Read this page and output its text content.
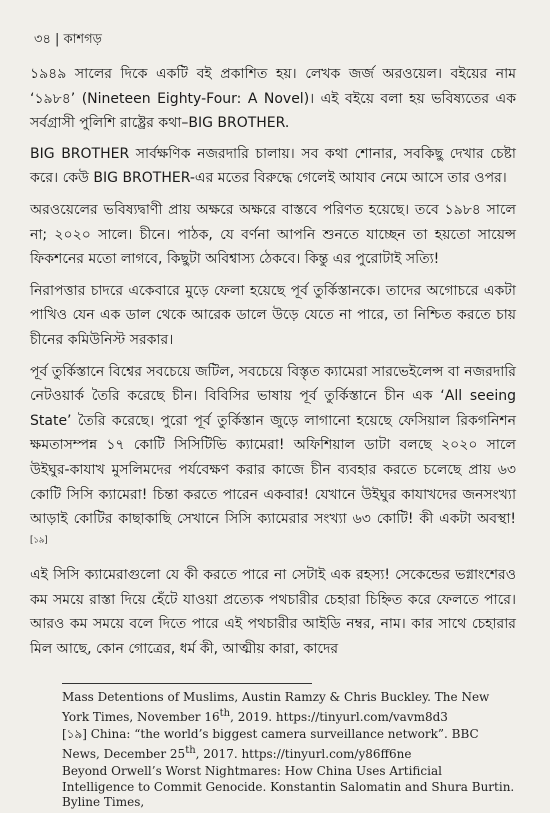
৩৪ | কাশগড়

১৯৪৯ সালের দিকে একটি বই প্রকাশিত হয়। লেখক জর্জ অরওয়েল। বইয়ের নাম ‘১৯৮৪’ (Nineteen Eighty-Four: A Novel)। এই বইয়ে বলা হয় ভবিষ্যতের এক সর্বগ্রাসী পুলিশি রাষ্ট্রের কথা–BIG BROTHER.

BIG BROTHER সার্বক্ষণিক নজরদারি চালায়। সব কথা শোনার, সবকিছু দেখার চেষ্টা করে। কেউ BIG BROTHER-এর মতের বিরুদ্ধে গেলেই আযাব নেমে আসে তার ওপর।

অরওয়েলের ভবিষ্যদ্বাণী প্রায় অক্ষরে অক্ষরে বাস্তবে পরিণত হয়েছে। তবে ১৯৮৪ সালে না; ২০২০ সালে। চীনে। পাঠক, যে বর্ণনা আপনি শুনতে যাচ্ছেন তা হয়তো সায়েন্স ফিকশনের মতো লাগবে, কিছুটা অবিশ্বাস্য ঠেকবে। কিন্তু এর পুরোটাই সত্যি!

নিরাপত্তার চাদরে একেবারে মুড়ে ফেলা হয়েছে পূর্ব তুর্কিস্তানকে। তাদের অগোচরে একটা পাখিও যেন এক ডাল থেকে আরেক ডালে উড়ে যেতে না পারে, তা নিশ্চিত করতে চায় চীনের কমিউনিস্ট সরকার।

পূর্ব তুর্কিস্তানে বিশ্বের সবচেয়ে জটিল, সবচেয়ে বিস্তৃত ক্যামেরা সারভেইলেন্স বা নজরদারি নেটওয়ার্ক তৈরি করেছে চীন। বিবিসির ভাষায় পূর্ব তুর্কিস্তানে চীন এক ‘All seeing State’ তৈরি করেছে। পুরো পূর্ব তুর্কিস্তান জুড়ে লাগানো হয়েছে ফেসিয়াল রিকগনিশন ক্ষমতাসম্পন্ন ১৭ কোটি সিসিটিভি ক্যামেরা! অফিশিয়াল ডাটা বলছে ২০২০ সালে উইঘুর-কাযাখ মুসলিমদের পর্যবেক্ষণ করার কাজে চীন ব্যবহার করতে চলেছে প্রায় ৬৩ কোটি সিসি ক্যামেরা! চিন্তা করতে পারেন একবার! যেখানে উইঘুর কাযাখদের জনসংখ্যা আড়াই কোটির কাছাকাছি সেখানে সিসি ক্যামেরার সংখ্যা ৬৩ কোটি! কী একটা অবস্থা![১৯]

এই সিসি ক্যামেরাগুলো যে কী করতে পারে না সেটাই এক রহস্য! সেকেন্ডের ভগ্নাংশেরও কম সময়ে রাস্তা দিয়ে হেঁটে যাওয়া প্রত্যেক পথচারীর চেহারা চিহ্নিত করে ফেলতে পারে। আরও কম সময়ে বলে দিতে পারে এই পথচারীর আইডি নম্বর, নাম। কার সাথে চেহারার মিল আছে, কোন গোত্রের, ধর্ম কী, আত্মীয় কারা, কাদের

Mass Detentions of Muslims, Austin Ramzy & Chris Buckley. The New York Times, November 16th, 2019. https://tinyurl.com/vavm8d3

[১৯] China: “the world’s biggest camera surveillance network”. BBC News, December 25th, 2017. https://tinyurl.com/y86ff6ne

Beyond Orwell’s Worst Nightmares: How China Uses Artificial Intelligence to Commit Genocide. Konstantin Salomatin and Shura Burtin. Byline Times,
